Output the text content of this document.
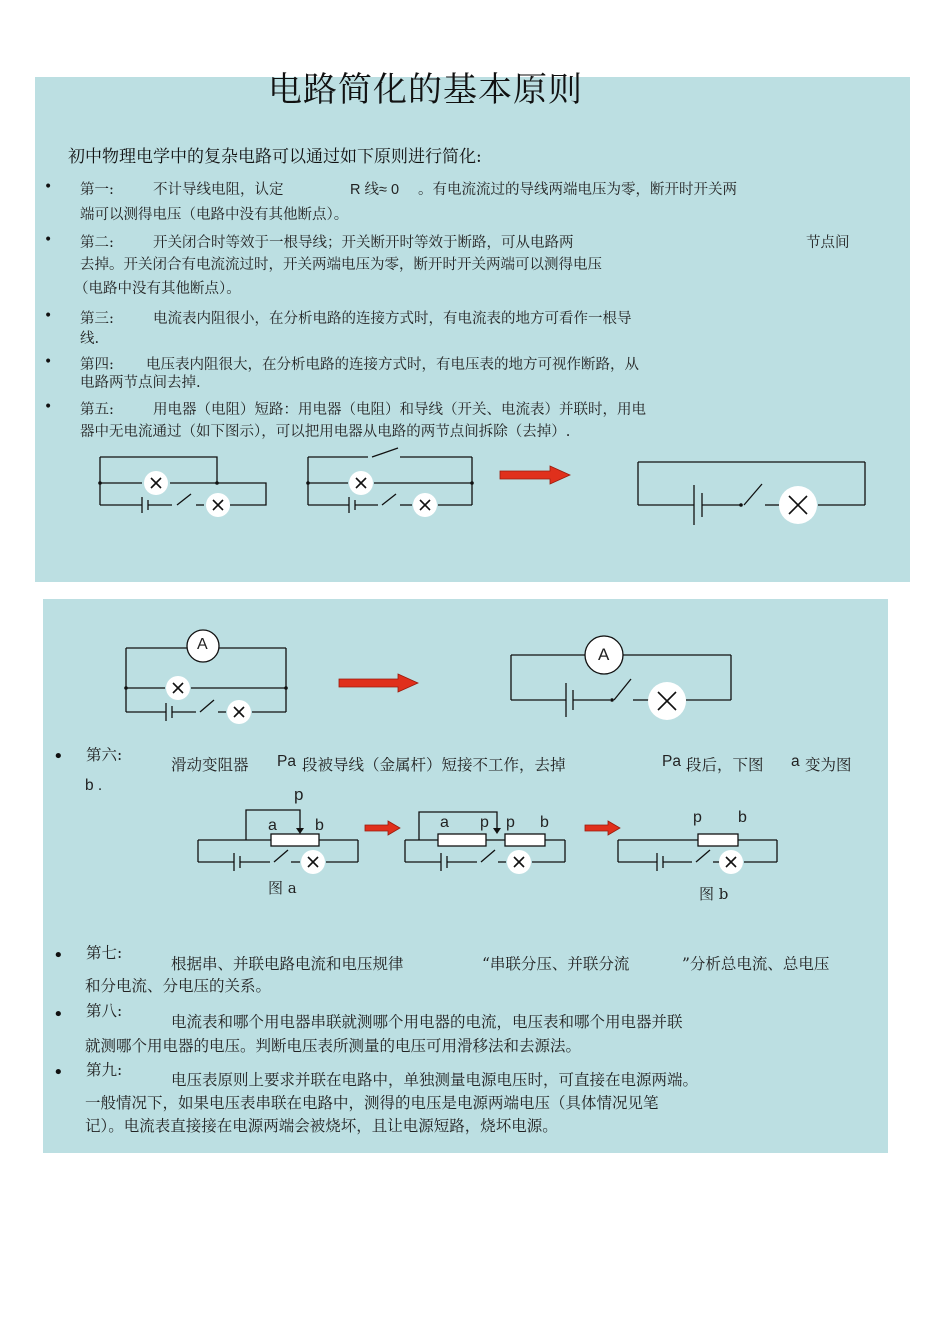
电路简化的基本原则
初中物理电学中的复杂电路可以通过如下原则进行简化:
• 第一:	不计导线电阻，认定	R 线≈ 0 。有电流流过的导线两端电压为零，断开时开关两
端可以测得电压（电路中没有其他断点）。
• 第二:	开关闭合时等效于一根导线；开关断开时等效于断路，可从电路两	节点间
去掉。开关闭合有电流流过时，开关两端电压为零，断开时开关两端可以测得电压
（电路中没有其他断点）。
• 第三:	电流表内阻很小，在分析电路的连接方式时，有电流表的地方可看作一根导
线.
• 第四: 电压表内阻很大，在分析电路的连接方式时，有电压表的地方可视作断路，从
电路两节点间去掉.
• 第五:	用电器（电阻）短路：用电器（电阻）和导线（开关、电流表）并联时，用电
器中无电流通过（如下图示），可以把用电器从电路的两节点间拆除（去掉）.
A
A
p
a b	a p p b	p b
图 a	图 b
• 第六:
滑动变阻器 Pa 段被导线（金属杆）短接不工作，去掉	Pa 段后，下图 a 变为图
b .
• 第七:
根据串、并联电路电流和电压规律	“串联分压、并联分流	”分析总电流、总电压
和分电流、分电压的关系。
• 第八:
电流表和哪个用电器串联就测哪个用电器的电流，电压表和哪个用电器并联
就测哪个用电器的电压。判断电压表所测量的电压可用滑移法和去源法。
• 第九:
电压表原则上要求并联在电路中，单独测量电源电压时，可直接在电源两端。
一般情况下，如果电压表串联在电路中，测得的电压是电源两端电压（具体情况见笔
记）。电流表直接接在电源两端会被烧坏，且让电源短路，烧坏电源。
